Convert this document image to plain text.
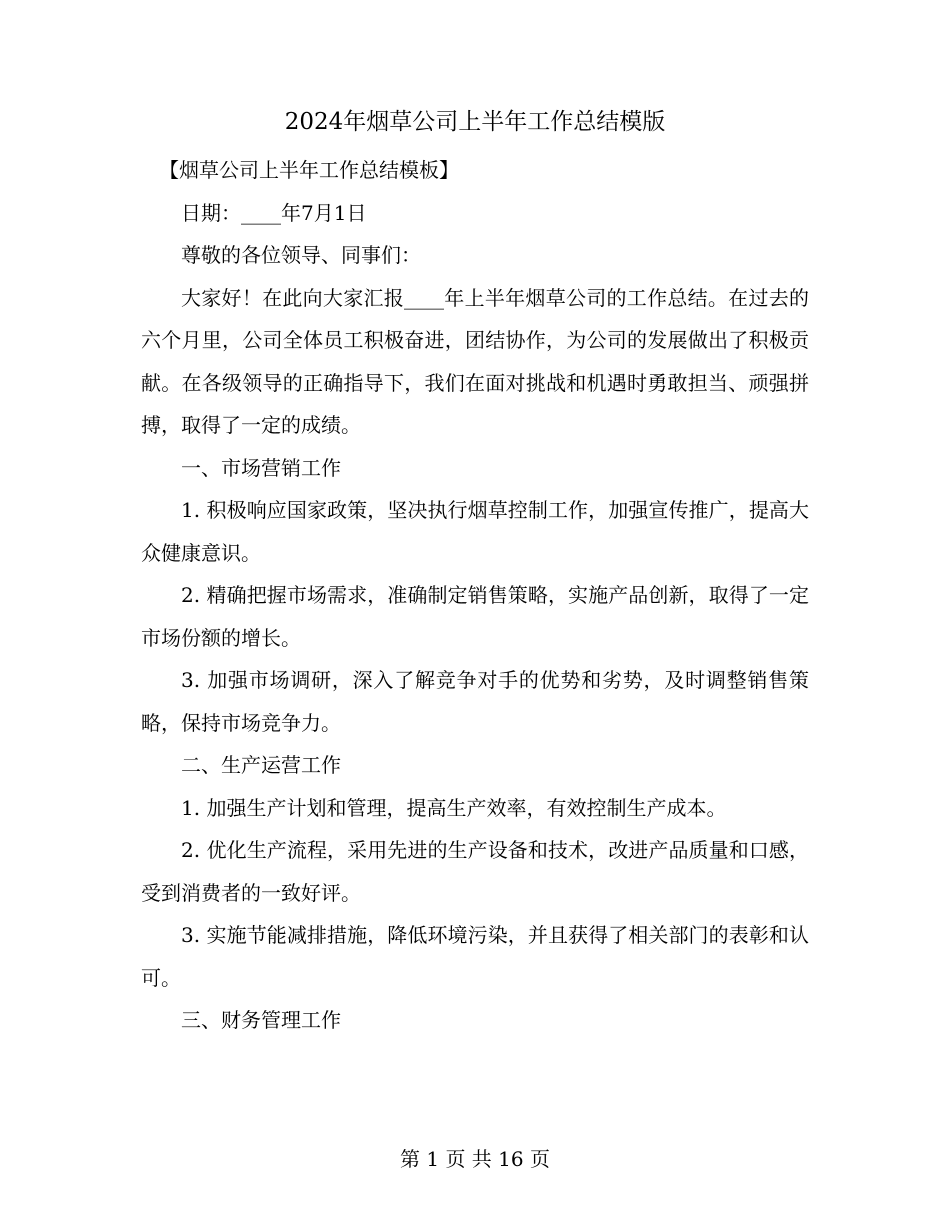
2024年烟草公司上半年工作总结模版

【烟草公司上半年工作总结模板】

日期：____年7月1日

尊敬的各位领导、同事们：

大家好！在此向大家汇报____年上半年烟草公司的工作总结。在过去的六个月里，公司全体员工积极奋进，团结协作，为公司的发展做出了积极贡献。在各级领导的正确指导下，我们在面对挑战和机遇时勇敢担当、顽强拼搏，取得了一定的成绩。

一、市场营销工作

1. 积极响应国家政策，坚决执行烟草控制工作，加强宣传推广，提高大众健康意识。

2. 精确把握市场需求，准确制定销售策略，实施产品创新，取得了一定市场份额的增长。

3. 加强市场调研，深入了解竞争对手的优势和劣势，及时调整销售策略，保持市场竞争力。

二、生产运营工作

1. 加强生产计划和管理，提高生产效率，有效控制生产成本。

2. 优化生产流程，采用先进的生产设备和技术，改进产品质量和口感，受到消费者的一致好评。

3. 实施节能减排措施，降低环境污染，并且获得了相关部门的表彰和认可。

三、财务管理工作

第 1 页 共 16 页
